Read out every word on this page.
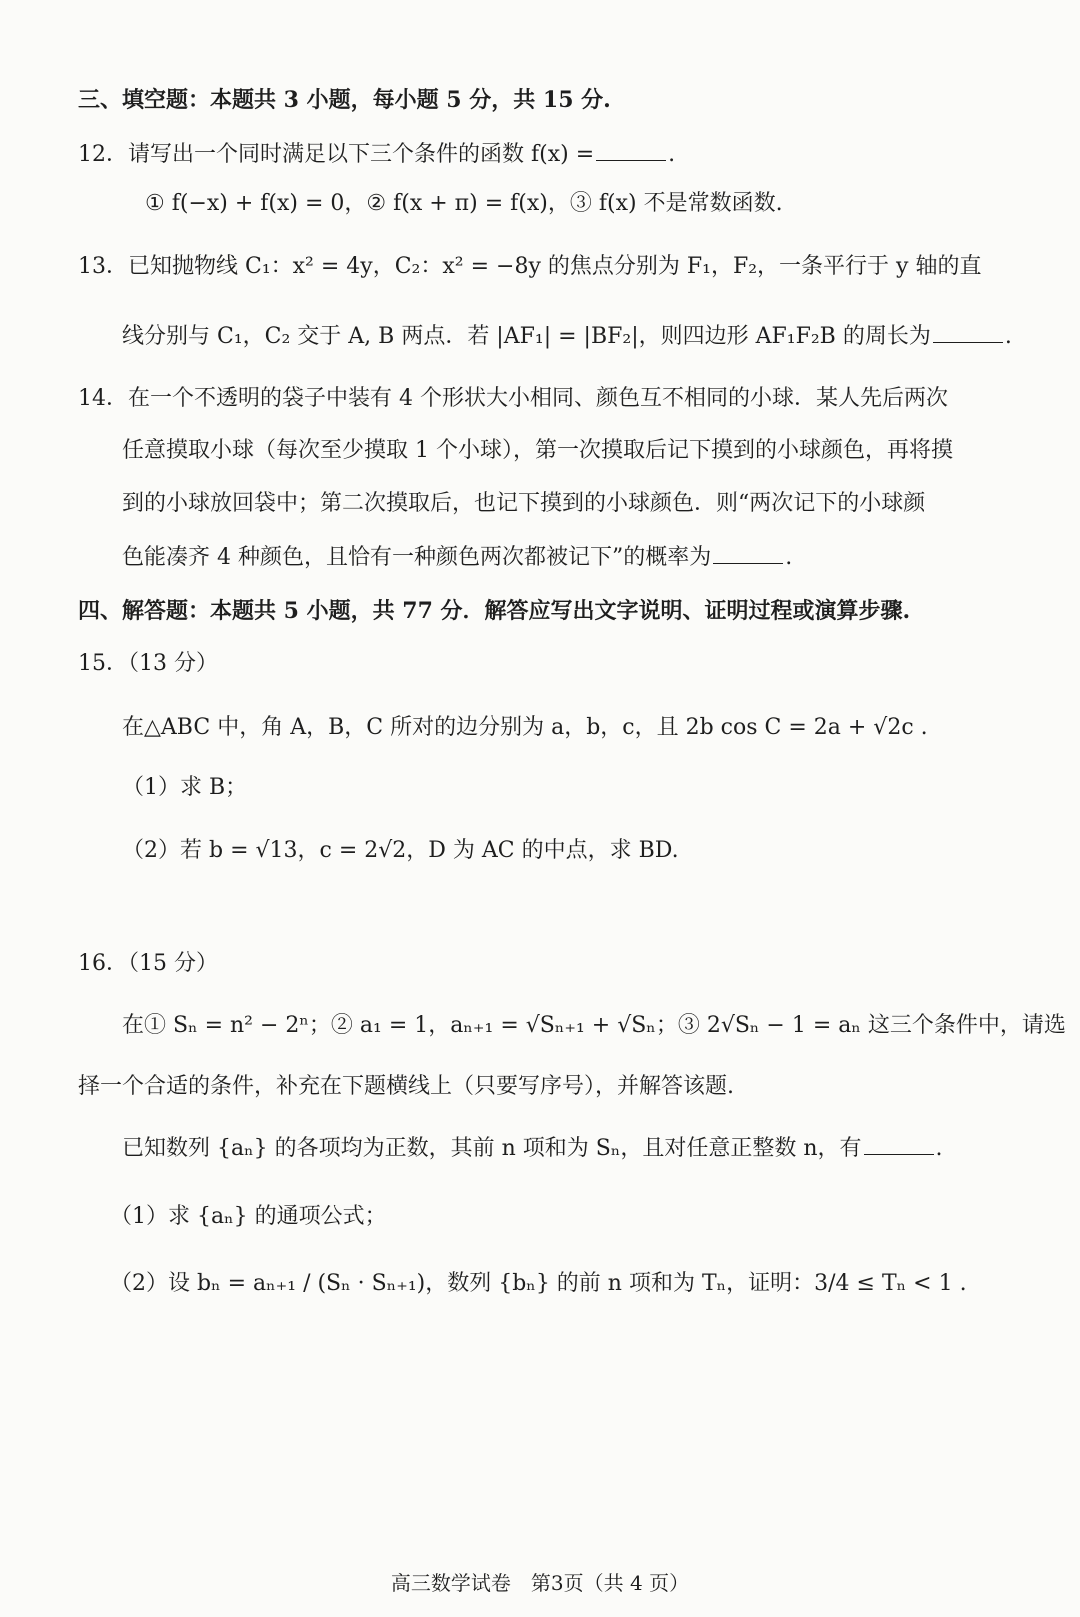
三、填空题：本题共 3 小题，每小题 5 分，共 15 分.
12．请写出一个同时满足以下三个条件的函数 f(x) =	.
① f(−x) + f(x) = 0，② f(x + π) = f(x)，③ f(x) 不是常数函数.
13．已知抛物线 C₁：x² = 4y，C₂：x² = −8y 的焦点分别为 F₁，F₂，一条平行于 y 轴的直
线分别与 C₁，C₂ 交于 A, B 两点．若 |AF₁| = |BF₂|，则四边形 AF₁F₂B 的周长为	.
14．在一个不透明的袋子中装有 4 个形状大小相同、颜色互不相同的小球．某人先后两次
任意摸取小球（每次至少摸取 1 个小球），第一次摸取后记下摸到的小球颜色，再将摸
到的小球放回袋中；第二次摸取后，也记下摸到的小球颜色．则“两次记下的小球颜
色能凑齐 4 种颜色，且恰有一种颜色两次都被记下”的概率为	.
四、解答题：本题共 5 小题，共 77 分．解答应写出文字说明、证明过程或演算步骤.
15．（13 分）
在△ABC 中，角 A，B，C 所对的边分别为 a，b，c，且 2b cos C = 2a + √2c .
（1）求 B；
（2）若 b = √13，c = 2√2，D 为 AC 的中点，求 BD.
16．（15 分）
在① Sₙ = n² − 2ⁿ；② a₁ = 1，aₙ₊₁ = √Sₙ₊₁ + √Sₙ；③ 2√Sₙ − 1 = aₙ 这三个条件中，请选
择一个合适的条件，补充在下题横线上（只要写序号），并解答该题.
已知数列 {aₙ} 的各项均为正数，其前 n 项和为 Sₙ，且对任意正整数 n，有	.
（1）求 {aₙ} 的通项公式；
（2）设 bₙ = aₙ₊₁ / (Sₙ · Sₙ₊₁)，数列 {bₙ} 的前 n 项和为 Tₙ，证明：3/4 ≤ Tₙ < 1 .
高三数学试卷　第3页（共 4 页）
